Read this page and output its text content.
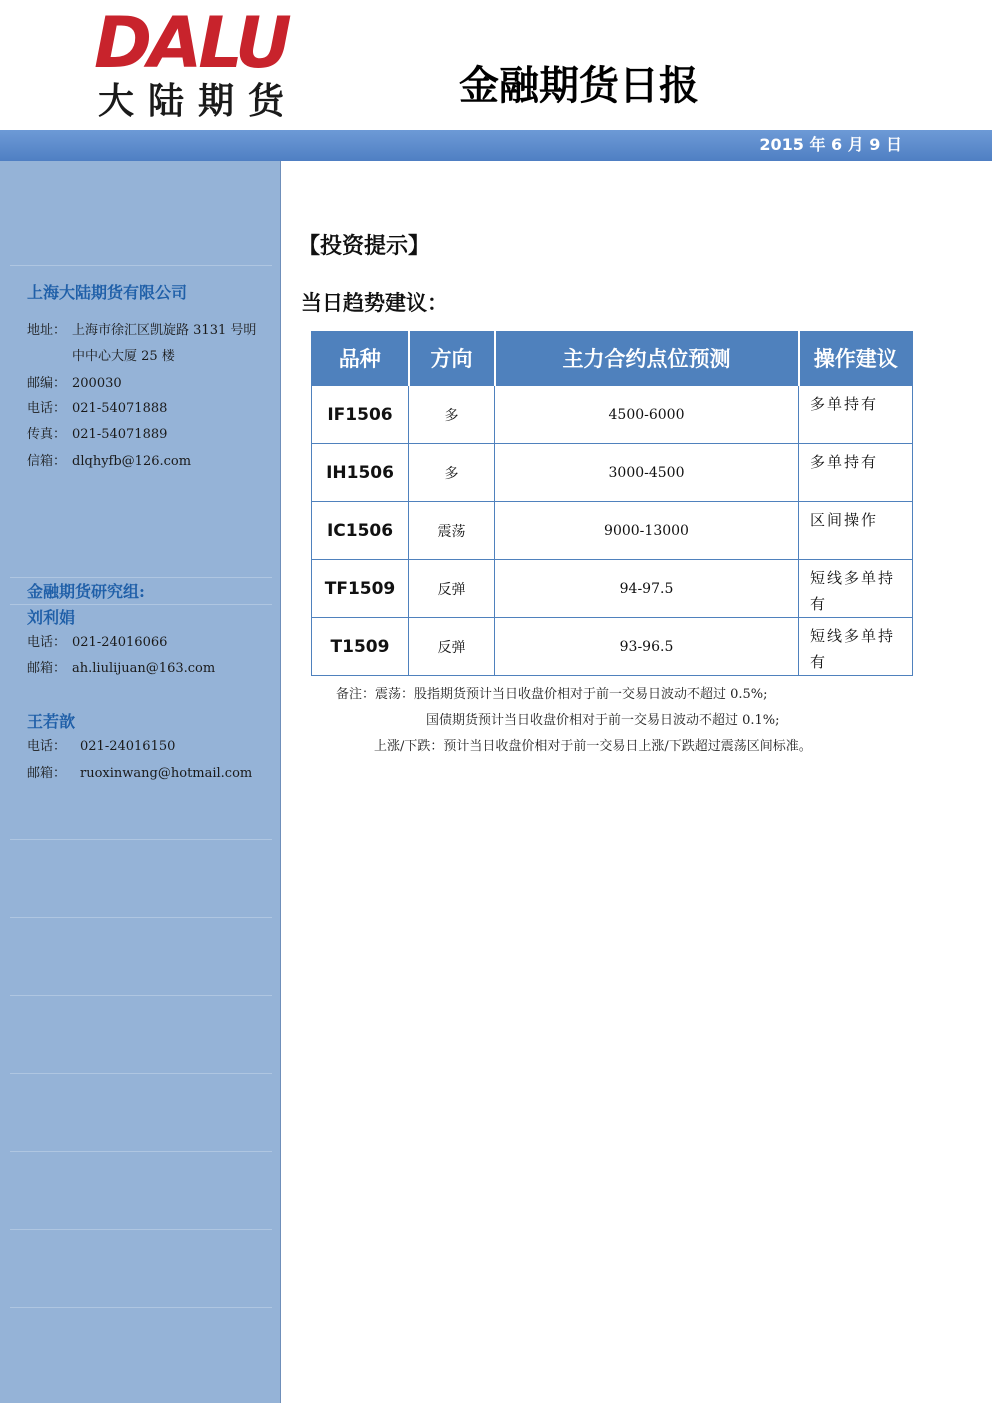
DALU
大陆期货	金融期货日报
2015 年 6 月 9 日
上海大陆期货有限公司
地址： 上海市徐汇区凯旋路 3131 号明
中中心大厦 25 楼
邮编： 200030
电话： 021-54071888
传真： 021-54071889
信箱： dlqhyfb@126.com
金融期货研究组:
刘利娟
电话： 021-24016066
邮箱： ah.liulijuan@163.com
王若歆
电话： 021-24016150
邮箱： ruoxinwang@hotmail.com
【投资提示】
当日趋势建议：
品种	方向	主力合约点位预测	操作建议
IF1506	多	4500-6000	多单持有
IH1506	多	3000-4500	多单持有
IC1506	震荡	9000-13000	区间操作
TF1509	反弹	94-97.5	短线多单持有
T1509	反弹	93-96.5	短线多单持有
备注：震荡：股指期货预计当日收盘价相对于前一交易日波动不超过 0.5%;
国债期货预计当日收盘价相对于前一交易日波动不超过 0.1%;
上涨/下跌：预计当日收盘价相对于前一交易日上涨/下跌超过震荡区间标准。
